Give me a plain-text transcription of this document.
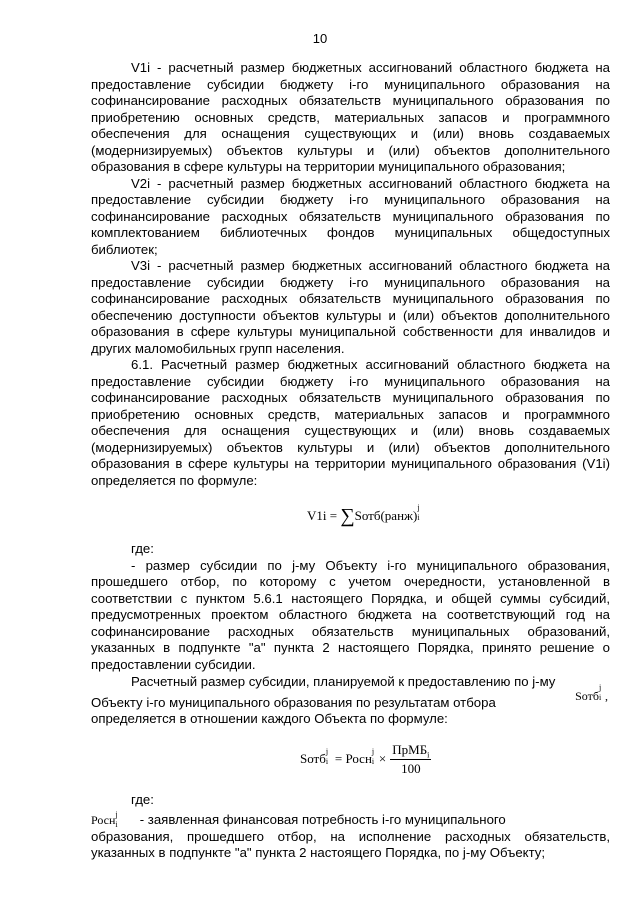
10

V1i - расчетный размер бюджетных ассигнований областного бюджета на предоставление субсидии бюджету i-го муниципального образования на софинансирование расходных обязательств муниципального образования по приобретению основных средств, материальных запасов и программного обеспечения для оснащения существующих и (или) вновь создаваемых (модернизируемых) объектов культуры и (или) объектов дополнительного образования в сфере культуры на территории муниципального образования;

V2i - расчетный размер бюджетных ассигнований областного бюджета на предоставление субсидии бюджету i-го муниципального образования на софинансирование расходных обязательств муниципального образования по комплектованием библиотечных фондов муниципальных общедоступных библиотек;

V3i - расчетный размер бюджетных ассигнований областного бюджета на предоставление субсидии бюджету i-го муниципального образования на софинансирование расходных обязательств муниципального образования по обеспечению доступности объектов культуры и (или) объектов дополнительного образования в сфере культуры муниципальной собственности для инвалидов и других маломобильных групп населения.

6.1. Расчетный размер бюджетных ассигнований областного бюджета на предоставление субсидии бюджету i-го муниципального образования на софинансирование расходных обязательств муниципального образования по приобретению основных средств, материальных запасов и программного обеспечения для оснащения существующих и (или) вновь создаваемых (модернизируемых) объектов культуры и (или) объектов дополнительного образования в сфере культуры на территории муниципального образования (V1i) определяется по формуле:

V1i = ∑Sотб(ранж)
j
i

где:

- размер субсидии по j-му Объекту i-го муниципального образования, прошедшего отбор, по которому с учетом очередности, установленной в соответствии с пунктом 5.6.1 настоящего Порядка, и общей суммы субсидий, предусмотренных проектом областного бюджета на соответствующий год на софинансирование расходных обязательств муниципальных образований, указанных в подпункте "а" пункта 2 настоящего Порядка, принято решение о предоставлении субсидии.

Расчетный размер субсидии, планируемой к предоставлению по j-му

Объекту i-го муниципального образования по результатам отбора	Sотб
j
i ,

определяется в отношении каждого Объекта по формуле:

Sотб j
i = Росн j
$i \times \frac{ПрМБ_i}{100}$

где:

Росн j
i - заявленная финансовая потребность i-го муниципального

образования, прошедшего отбор, на исполнение расходных обязательств, указанных в подпункте "а" пункта 2 настоящего Порядка, по j-му Объекту;
